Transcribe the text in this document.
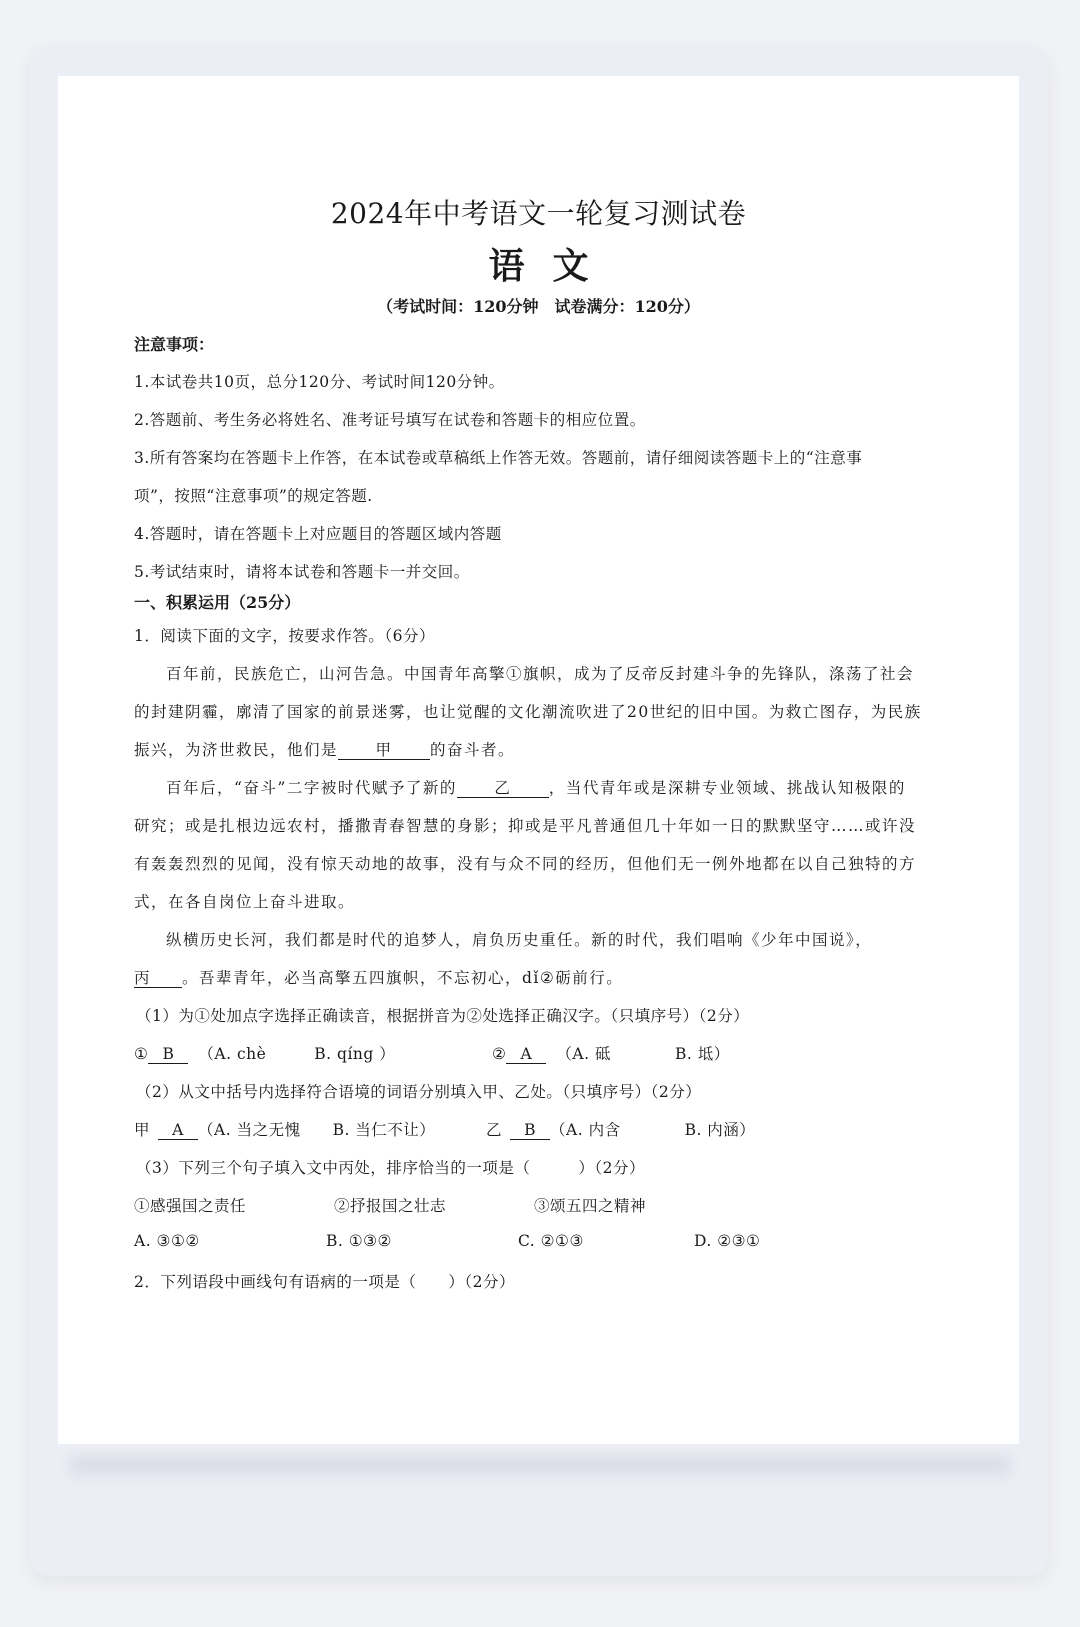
2024年中考语文一轮复习测试卷
语文
（考试时间：120分钟　试卷满分：120分）
注意事项：
1.本试卷共10页，总分120分、考试时间120分钟。
2.答题前、考生务必将姓名、准考证号填写在试卷和答题卡的相应位置。
3.所有答案均在答题卡上作答，在本试卷或草稿纸上作答无效。答题前，请仔细阅读答题卡上的“注意事
项”，按照“注意事项”的规定答题.
4.答题时，请在答题卡上对应题目的答题区域内答题
5.考试结束时，请将本试卷和答题卡一并交回。
一、积累运用（25分）
1．阅读下面的文字，按要求作答。（6分）
百年前，民族危亡，山河告急。中国青年高擎①旗帜，成为了反帝反封建斗争的先锋队，涤荡了社会
的封建阴霾，廓清了国家的前景迷雾，也让觉醒的文化潮流吹进了20世纪的旧中国。为救亡图存，为民族
振兴，为济世救民，他们是 甲 的奋斗者。
百年后，“奋斗”二字被时代赋予了新的 乙 ，当代青年或是深耕专业领域、挑战认知极限的
研究；或是扎根边远农村，播撒青春智慧的身影；抑或是平凡普通但几十年如一日的默默坚守……或许没
有轰轰烈烈的见闻，没有惊天动地的故事，没有与众不同的经历，但他们无一例外地都在以自己独特的方
式，在各自岗位上奋斗进取。
纵横历史长河，我们都是时代的追梦人，肩负历史重任。新的时代，我们唱响《少年中国说》，
丙 。吾辈青年，必当高擎五四旗帜，不忘初心，dǐ②砺前行。
（1）为①处加点字选择正确读音，根据拼音为②处选择正确汉字。（只填序号）（2分）
① B （A. chè　　　B. qíng ）	② A （A. 砥　　　　B. 坻）
（2）从文中括号内选择符合语境的词语分别填入甲、乙处。（只填序号）（2分）
甲 A （A. 当之无愧　　B. 当仁不让）	乙 B （A. 内含　　　　B. 内涵）
（3）下列三个句子填入文中丙处，排序恰当的一项是（　　　）（2分）
①感强国之责任	②抒报国之壮志	③颂五四之精神
A. ③①②	B. ①③②	C. ②①③	D. ②③①
2．下列语段中画线句有语病的一项是（　　）（2分）
